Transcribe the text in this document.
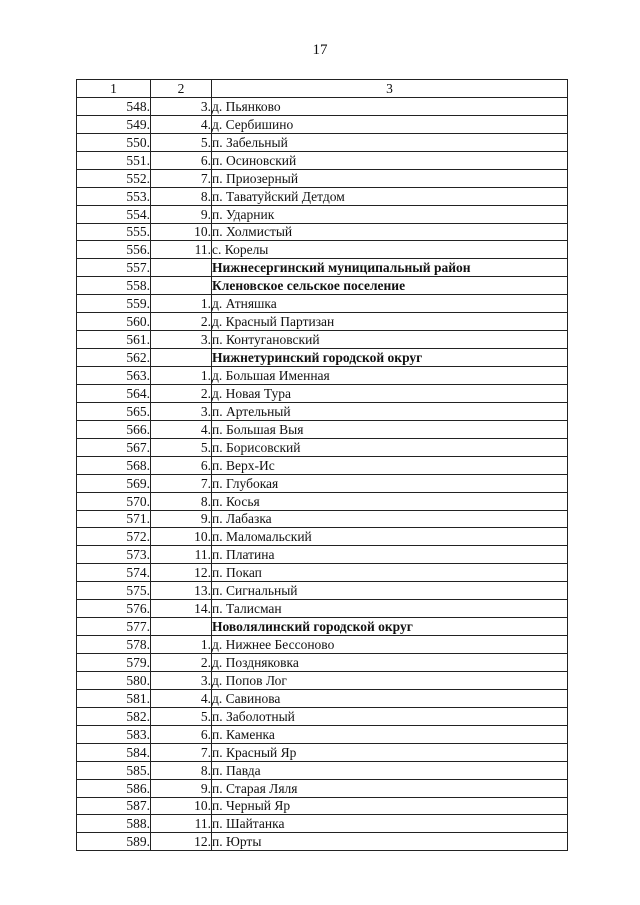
17
1	2	3
548.	3.	д. Пьянково
549.	4.	д. Сербишино
550.	5.	п. Забельный
551.	6.	п. Осиновский
552.	7.	п. Приозерный
553.	8.	п. Таватуйский Детдом
554.	9.	п. Ударник
555.	10.	п. Холмистый
556.	11.	с. Корелы
557.		Нижнесергинский муниципальный район
558.		Кленовское сельское поселение
559.	1.	д. Атняшка
560.	2.	д. Красный Партизан
561.	3.	п. Контугановский
562.		Нижнетуринский городской округ
563.	1.	д. Большая Именная
564.	2.	д. Новая Тура
565.	3.	п. Артельный
566.	4.	п. Большая Выя
567.	5.	п. Борисовский
568.	6.	п. Верх-Ис
569.	7.	п. Глубокая
570.	8.	п. Косья
571.	9.	п. Лабазка
572.	10.	п. Маломальский
573.	11.	п. Платина
574.	12.	п. Покап
575.	13.	п. Сигнальный
576.	14.	п. Талисман
577.		Новолялинский городской округ
578.	1.	д. Нижнее Бессоново
579.	2.	д. Поздняковка
580.	3.	д. Попов Лог
581.	4.	д. Савинова
582.	5.	п. Заболотный
583.	6.	п. Каменка
584.	7.	п. Красный Яр
585.	8.	п. Павда
586.	9.	п. Старая Ляля
587.	10.	п. Черный Яр
588.	11.	п. Шайтанка
589.	12.	п. Юрты
